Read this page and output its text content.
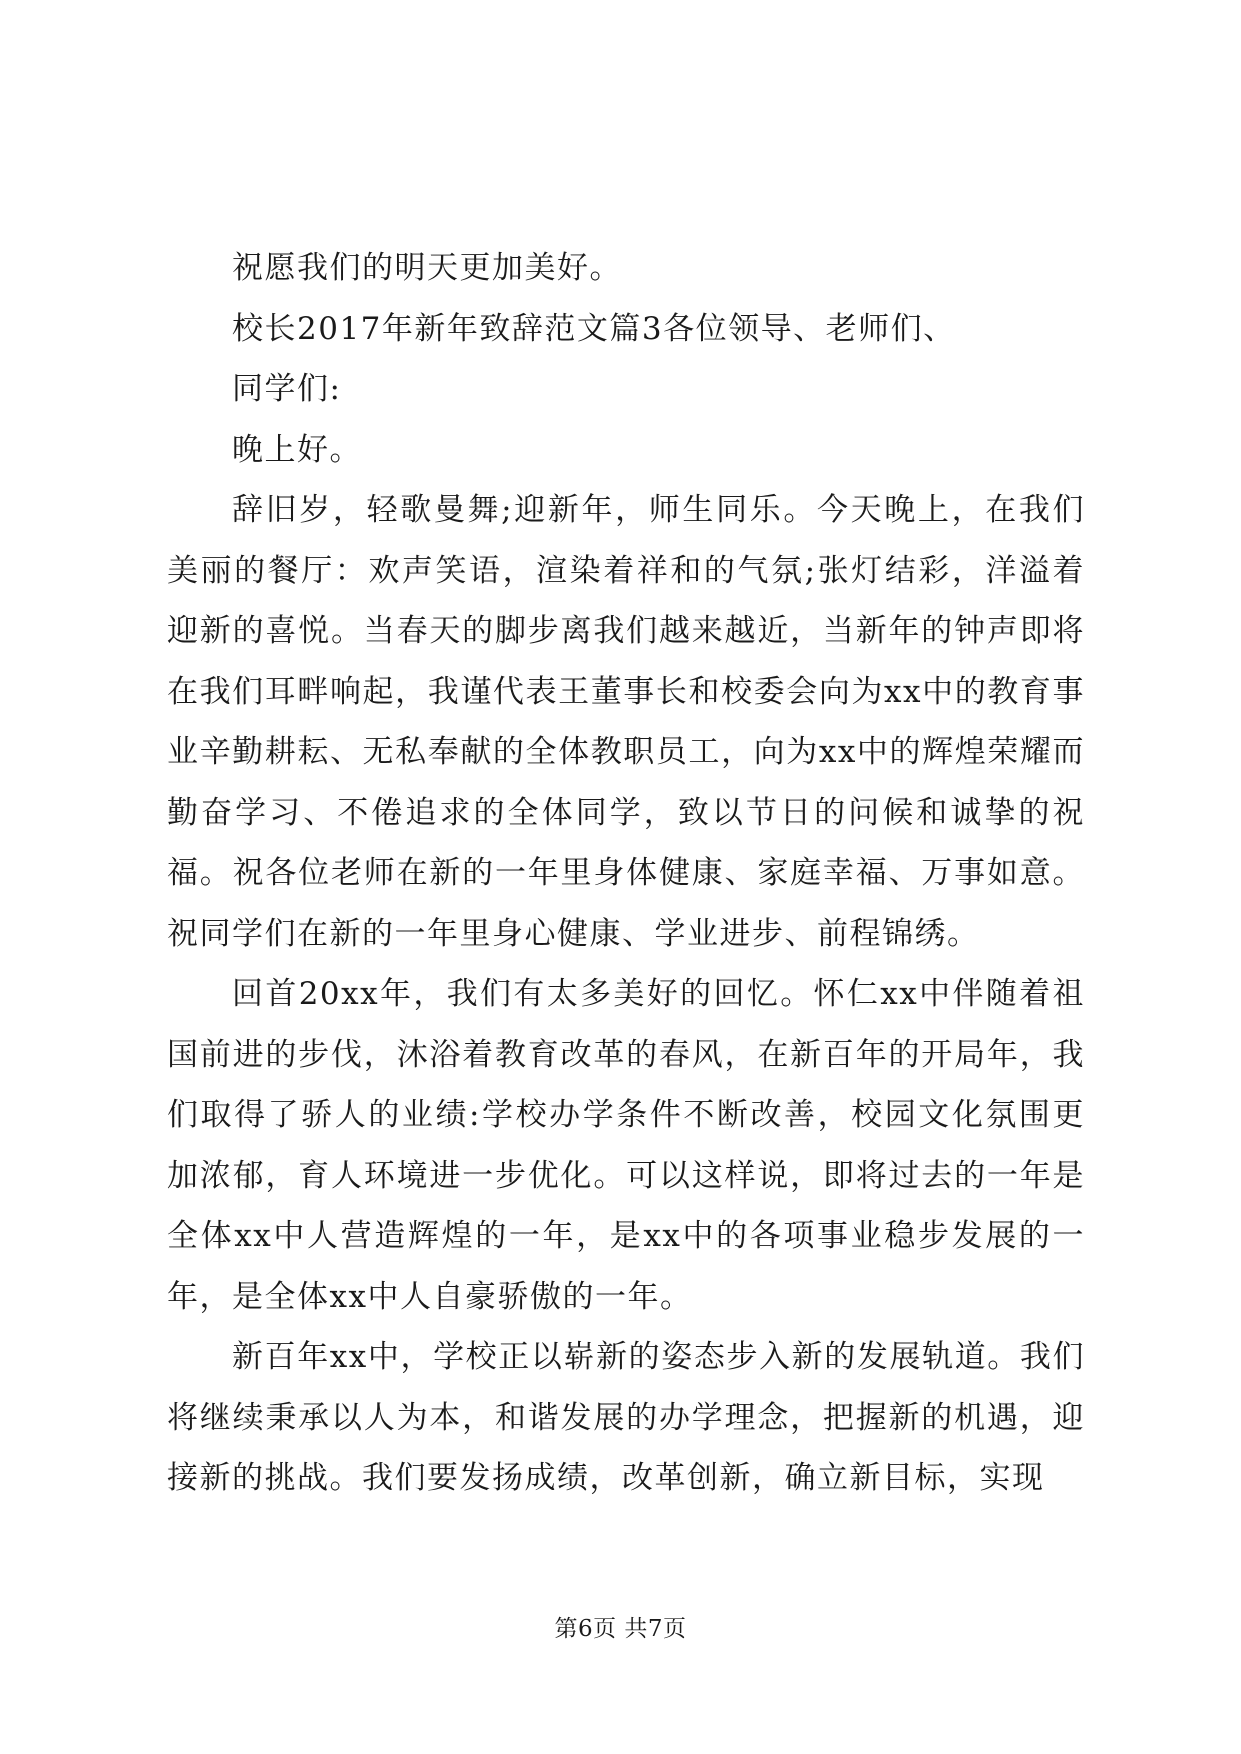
祝愿我们的明天更加美好。

校长2017年新年致辞范文篇3各位领导、老师们、

同学们:

晚上好。

辞旧岁，轻歌曼舞;迎新年，师生同乐。今天晚上，在我们美丽的餐厅：欢声笑语，渲染着祥和的气氛;张灯结彩，洋溢着迎新的喜悦。当春天的脚步离我们越来越近，当新年的钟声即将在我们耳畔响起，我谨代表王董事长和校委会向为xx中的教育事业辛勤耕耘、无私奉献的全体教职员工，向为xx中的辉煌荣耀而勤奋学习、不倦追求的全体同学，致以节日的问候和诚挚的祝福。祝各位老师在新的一年里身体健康、家庭幸福、万事如意。祝同学们在新的一年里身心健康、学业进步、前程锦绣。

回首20xx年，我们有太多美好的回忆。怀仁xx中伴随着祖国前进的步伐，沐浴着教育改革的春风，在新百年的开局年，我们取得了骄人的业绩:学校办学条件不断改善，校园文化氛围更加浓郁，育人环境进一步优化。可以这样说，即将过去的一年是全体xx中人营造辉煌的一年，是xx中的各项事业稳步发展的一年，是全体xx中人自豪骄傲的一年。

新百年xx中，学校正以崭新的姿态步入新的发展轨道。我们将继续秉承以人为本，和谐发展的办学理念，把握新的机遇，迎接新的挑战。我们要发扬成绩，改革创新，确立新目标，实现

第6页 共7页
